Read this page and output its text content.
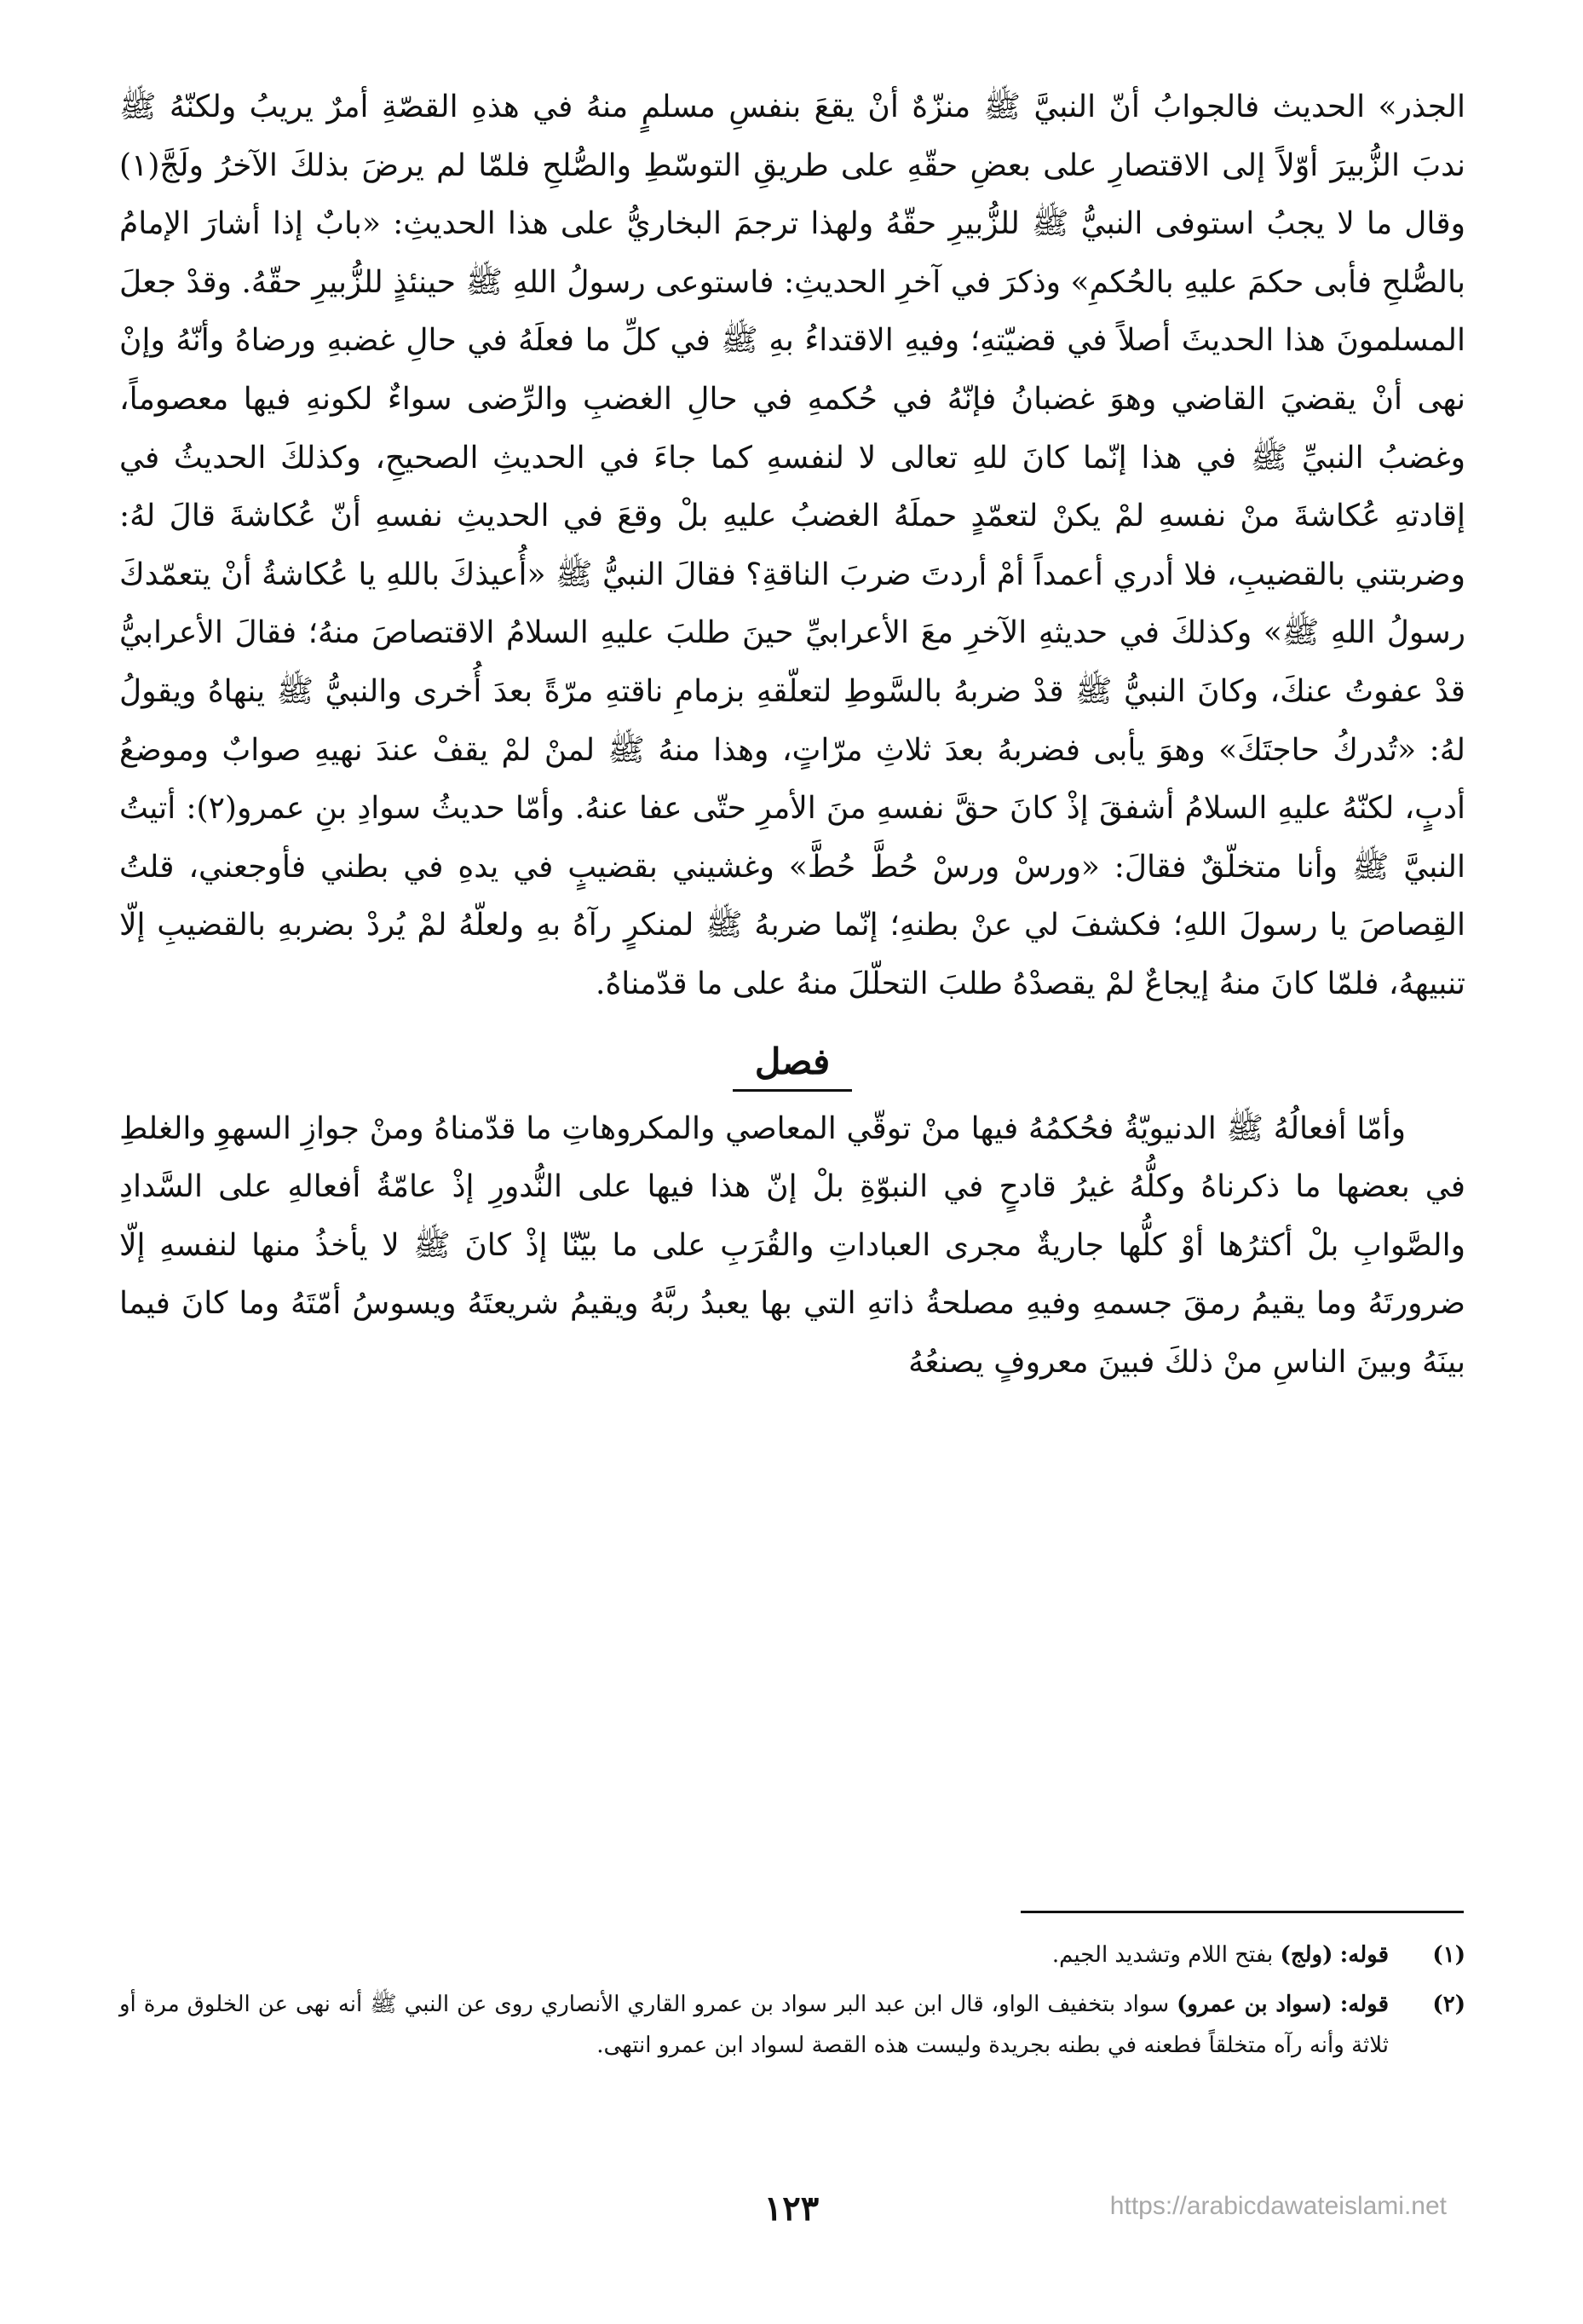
الجذر» الحديث فالجوابُ أنّ النبيَّ ﷺ منزّهٌ أنْ يقعَ بنفسِ مسلمٍ منهُ في هذهِ القصّةِ أمرٌ يريبُ ولكنّهُ ﷺ ندبَ الزُّبيرَ أوّلاً إلى الاقتصارِ على بعضِ حقّهِ على طريقِ التوسّطِ والصُّلحِ فلمّا لم يرضَ بذلكَ الآخرُ ولَجَّ(١) وقال ما لا يجبُ استوفى النبيُّ ﷺ للزُّبيرِ حقّهُ ولهذا ترجمَ البخاريُّ على هذا الحديثِ: «بابٌ إذا أشارَ الإمامُ بالصُّلحِ فأبى حكمَ عليهِ بالحُكمِ» وذكرَ في آخرِ الحديثِ: فاستوعى رسولُ اللهِ ﷺ حينئذٍ للزُّبيرِ حقّهُ. وقدْ جعلَ المسلمونَ هذا الحديثَ أصلاً في قضيّتهِ؛ وفيهِ الاقتداءُ بهِ ﷺ في كلِّ ما فعلَهُ في حالِ غضبهِ ورضاهُ وأنّهُ وإنْ نهى أنْ يقضيَ القاضي وهوَ غضبانُ فإنّهُ في حُكمهِ في حالِ الغضبِ والرِّضى سواءٌ لكونهِ فيها معصوماً، وغضبُ النبيِّ ﷺ في هذا إنّما كانَ للهِ تعالى لا لنفسهِ كما جاءَ في الحديثِ الصحيحِ، وكذلكَ الحديثُ في إقادتهِ عُكاشةَ منْ نفسهِ لمْ يكنْ لتعمّدٍ حملَهُ الغضبُ عليهِ بلْ وقعَ في الحديثِ نفسهِ أنّ عُكاشةَ قالَ لهُ: وضربتني بالقضيبِ، فلا أدري أعمداً أمْ أردتَ ضربَ الناقةِ؟ فقالَ النبيُّ ﷺ «أُعيذكَ باللهِ يا عُكاشةُ أنْ يتعمّدكَ رسولُ اللهِ ﷺ» وكذلكَ في حديثهِ الآخرِ معَ الأعرابيِّ حينَ طلبَ عليهِ السلامُ الاقتصاصَ منهُ؛ فقالَ الأعرابيُّ قدْ عفوتُ عنكَ، وكانَ النبيُّ ﷺ قدْ ضربهُ بالسَّوطِ لتعلّقهِ بزمامِ ناقتهِ مرّةً بعدَ أُخرى والنبيُّ ﷺ ينهاهُ ويقولُ لهُ: «تُدركُ حاجتَكَ» وهوَ يأبى فضربهُ بعدَ ثلاثِ مرّاتٍ، وهذا منهُ ﷺ لمنْ لمْ يقفْ عندَ نهيهِ صوابٌ وموضعُ أدبٍ، لكنّهُ عليهِ السلامُ أشفقَ إذْ كانَ حقَّ نفسهِ منَ الأمرِ حتّى عفا عنهُ. وأمّا حديثُ سوادِ بنِ عمرو(٢): أتيتُ النبيَّ ﷺ وأنا متخلّقٌ فقالَ: «ورسْ ورسْ حُطَّ حُطَّ» وغشيني بقضيبٍ في يدهِ في بطني فأوجعني، قلتُ القِصاصَ يا رسولَ اللهِ؛ فكشفَ لي عنْ بطنهِ؛ إنّما ضربهُ ﷺ لمنكرٍ رآهُ بهِ ولعلّهُ لمْ يُردْ بضربهِ بالقضيبِ إلّا تنبيههُ، فلمّا كانَ منهُ إيجاعٌ لمْ يقصدْهُ طلبَ التحلّلَ منهُ على ما قدّمناهُ.

فصل

وأمّا أفعالُهُ ﷺ الدنيويّةُ فحُكمُهُ فيها منْ توقّي المعاصي والمكروهاتِ ما قدّمناهُ ومنْ جوازِ السهوِ والغلطِ في بعضها ما ذكرناهُ وكلُّهُ غيرُ قادحٍ في النبوّةِ بلْ إنّ هذا فيها على النُّدورِ إذْ عامّةُ أفعالهِ على السَّدادِ والصَّوابِ بلْ أكثرُها أوْ كلُّها جاريةٌ مجرى العباداتِ والقُرَبِ على ما بيّنّا إذْ كانَ ﷺ لا يأخذُ منها لنفسهِ إلّا ضرورتَهُ وما يقيمُ رمقَ جسمهِ وفيهِ مصلحةُ ذاتهِ التي بها يعبدُ ربَّهُ ويقيمُ شريعتَهُ ويسوسُ أمّتَهُ وما كانَ فيما بينَهُ وبينَ الناسِ منْ ذلكَ فبينَ معروفٍ يصنعُهُ

(١)
قوله: (ولج) بفتح اللام وتشديد الجيم.
(٢)
قوله: (سواد بن عمرو) سواد بتخفيف الواو، قال ابن عبد البر سواد بن عمرو القاري الأنصاري روى عن النبي ﷺ أنه نهى عن الخلوق مرة أو ثلاثة وأنه رآه متخلقاً فطعنه في بطنه بجريدة وليست هذه القصة لسواد ابن عمرو انتهى.
١٢٣	https://arabicdawateislami.net
